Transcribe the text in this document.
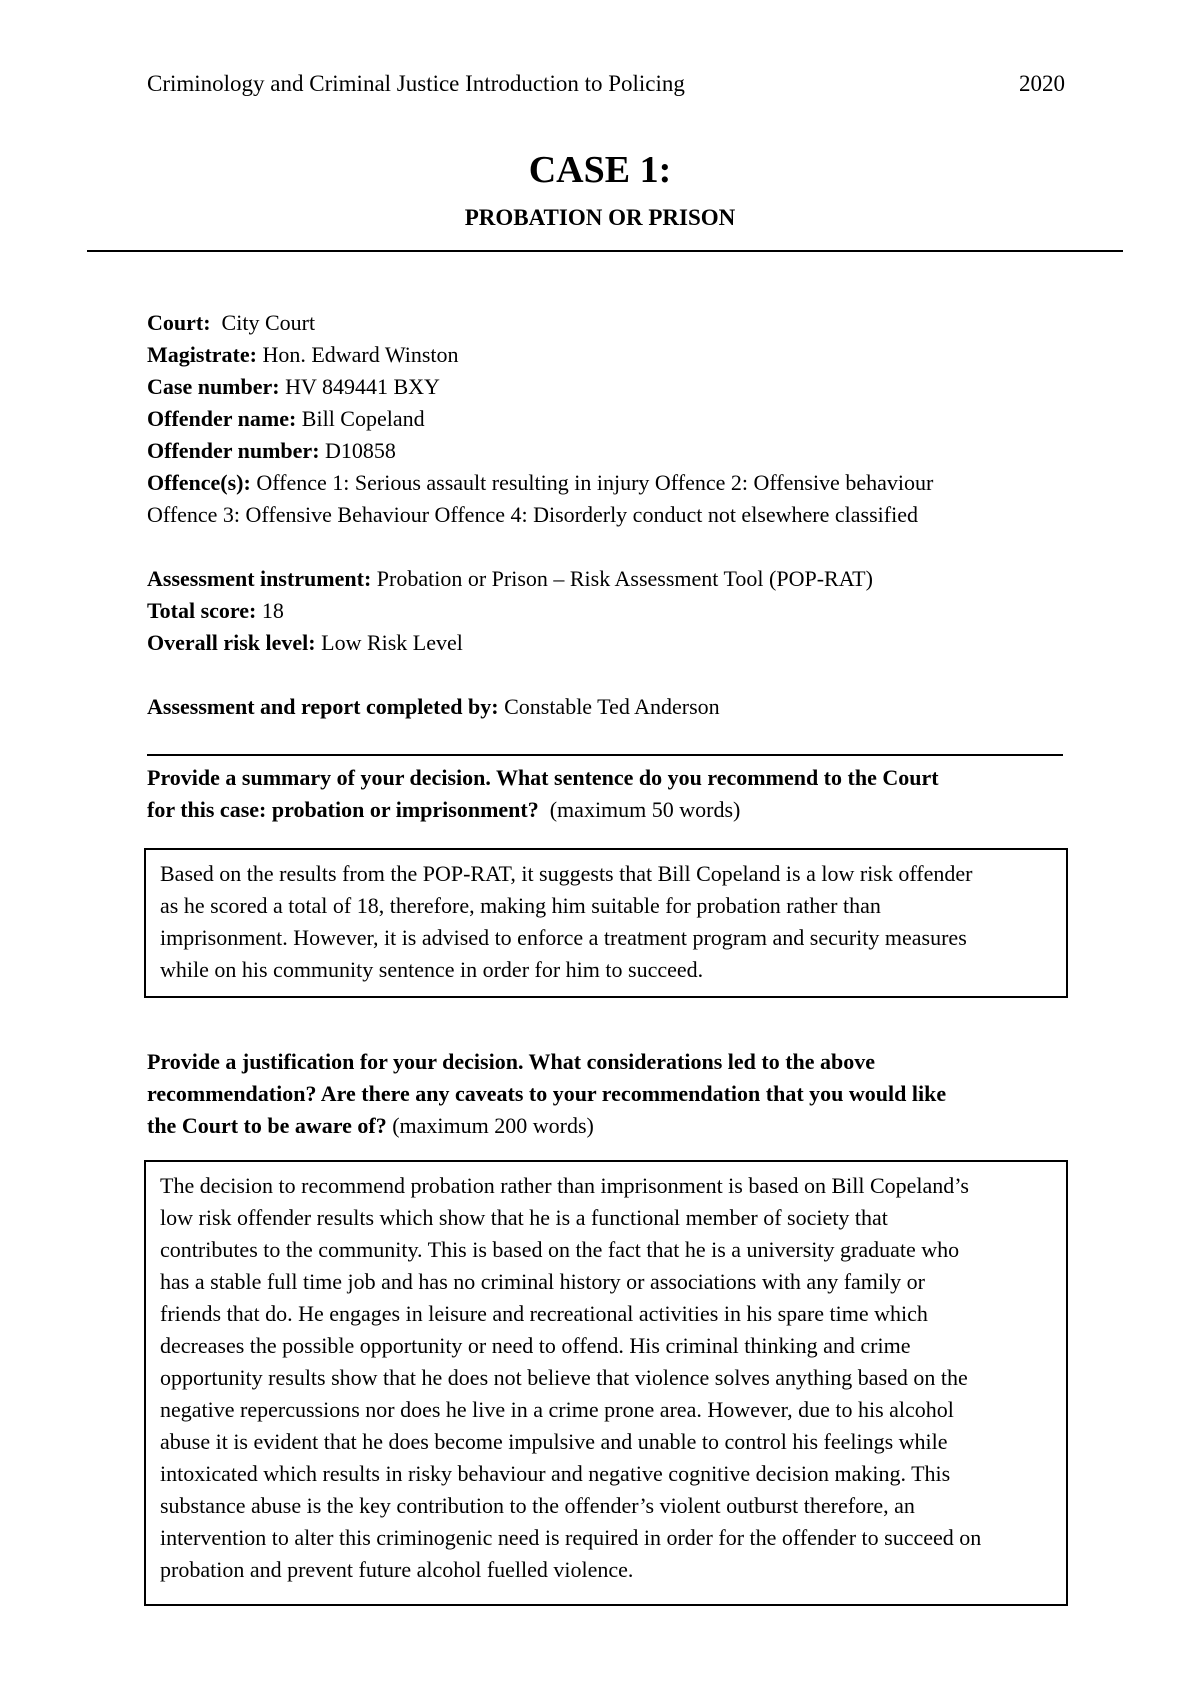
Criminology and Criminal Justice Introduction to Policing	2020
CASE 1:
PROBATION OR PRISON

Court: City Court

Magistrate: Hon. Edward Winston

Case number: HV 849441 BXY

Offender name: Bill Copeland

Offender number: D10858

Offence(s): Offence 1: Serious assault resulting in injury Offence 2: Offensive behaviour

Offence 3: Offensive Behaviour Offence 4: Disorderly conduct not elsewhere classified

Assessment instrument: Probation or Prison – Risk Assessment Tool (POP-RAT)

Total score: 18

Overall risk level: Low Risk Level

Assessment and report completed by: Constable Ted Anderson

Provide a summary of your decision. What sentence do you recommend to the Court
for this case: probation or imprisonment? (maximum 50 words)
Based on the results from the POP-RAT, it suggests that Bill Copeland is a low risk offender
as he scored a total of 18, therefore, making him suitable for probation rather than
imprisonment. However, it is advised to enforce a treatment program and security measures
while on his community sentence in order for him to succeed.
Provide a justification for your decision. What considerations led to the above
recommendation? Are there any caveats to your recommendation that you would like
the Court to be aware of? (maximum 200 words)
The decision to recommend probation rather than imprisonment is based on Bill Copeland’s
low risk offender results which show that he is a functional member of society that
contributes to the community. This is based on the fact that he is a university graduate who
has a stable full time job and has no criminal history or associations with any family or
friends that do. He engages in leisure and recreational activities in his spare time which
decreases the possible opportunity or need to offend. His criminal thinking and crime
opportunity results show that he does not believe that violence solves anything based on the
negative repercussions nor does he live in a crime prone area. However, due to his alcohol
abuse it is evident that he does become impulsive and unable to control his feelings while
intoxicated which results in risky behaviour and negative cognitive decision making. This
substance abuse is the key contribution to the offender’s violent outburst therefore, an
intervention to alter this criminogenic need is required in order for the offender to succeed on
probation and prevent future alcohol fuelled violence.
